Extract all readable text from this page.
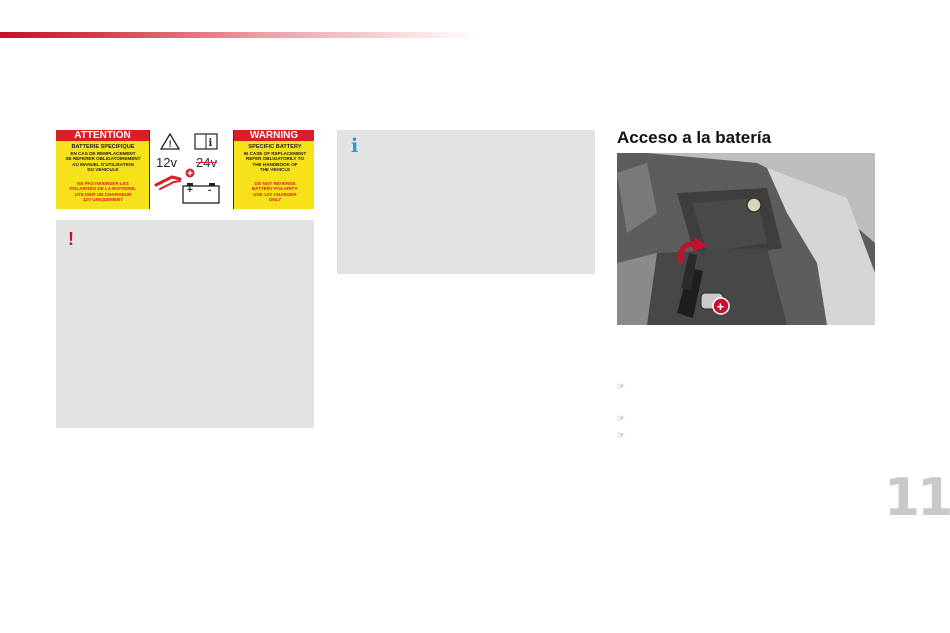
ATTENTION	WARNING
BATTERIE SPECIFIQUE
EN CAS DE REMPLACEMENT
SE REFERER OBLIGATOIREMENT
AU MANUEL D'UTILISATION
DU VEHICULE
NE PAS INVERSER LES
POLARITES DE LA BATTERIE.
UTILISER UN CHARGEUR
12V UNIQUEMENT
SPECIFIC BATTERY
IN CASE OF REPLACEMENT
REFER OBLIGATORILY TO
THE HANDBOOK OF
THE VEHICLE
DO NOT REVERSE
BATTERY POLARITY.
USE 12V CHARGER
ONLY
!	i
12v 24v
+ -
!
i	Acceso a la batería
+
☞
☞
☞
11
